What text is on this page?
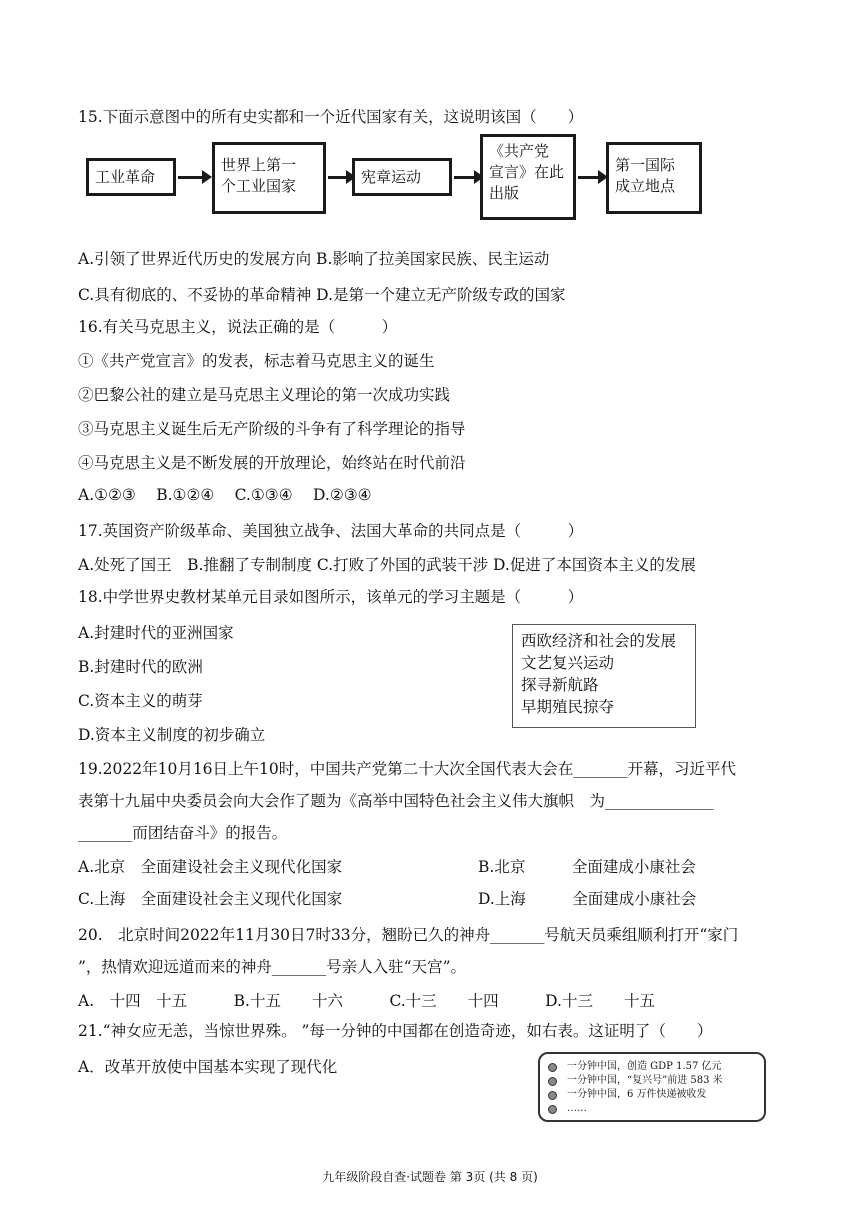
15.下面示意图中的所有史实都和一个近代国家有关，这说明该国（　　）
工业革命
世界上第一
个工业国家	宪章运动
《共产党
宣言》在此
出版
第一国际
成立地点
A.引领了世界近代历史的发展方向 B.影响了拉美国家民族、民主运动
C.具有彻底的、不妥协的革命精神 D.是第一个建立无产阶级专政的国家
16.有关马克思主义，说法正确的是（　　　）
①《共产党宣言》的发表，标志着马克思主义的诞生
②巴黎公社的建立是马克思主义理论的第一次成功实践
③马克思主义诞生后无产阶级的斗争有了科学理论的指导
④马克思主义是不断发展的开放理论，始终站在时代前沿
A.①②③　 B.①②④　 C.①③④　 D.②③④
17.英国资产阶级革命、美国独立战争、法国大革命的共同点是（　　　）
A.处死了国王　B.推翻了专制制度 C.打败了外国的武装干涉 D.促进了本国资本主义的发展
18.中学世界史教材某单元目录如图所示，该单元的学习主题是（　　　）
A.封建时代的亚洲国家
B.封建时代的欧洲
C.资本主义的萌芽
D.资本主义制度的初步确立
西欧经济和社会的发展
文艺复兴运动
探寻新航路
早期殖民掠夺
19.2022年10月16日上午10时，中国共产党第二十大次全国代表大会在_______开幕，习近平代
表第十九届中央委员会向大会作了题为《高举中国特色社会主义伟大旗帜　为______________
_______而团结奋斗》的报告。
A.北京　全面建设社会主义现代化国家	B.北京　　　全面建成小康社会
C.上海　全面建设社会主义现代化国家	D.上海　　　全面建成小康社会
20.　北京时间2022年11月30日7时33分，翘盼已久的神舟_______号航天员乘组顺利打开“家门
”，热情欢迎远道而来的神舟_______号亲人入驻“天宫”。
A.　十四　十五　　　B.十五　　十六　　　C.十三　　十四　　　D.十三　　十五
21.“神女应无恙，当惊世界殊。 ”每一分钟的中国都在创造奇迹，如右表。这证明了（　　）
A．改革开放使中国基本实现了现代化	一分钟中国，创造 GDP 1.57 亿元
一分钟中国，“复兴号”前进 583 米
一分钟中国，6 万件快递被收发
……
九年级阶段自查·试题卷 第 3页 (共 8 页)
